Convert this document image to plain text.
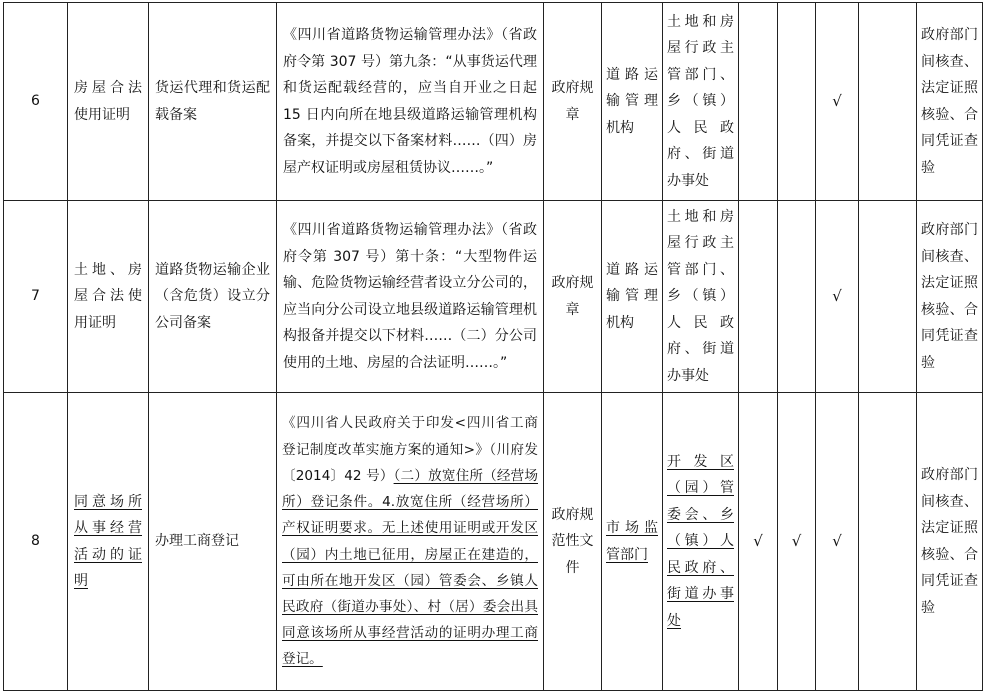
6	房屋合法使用证明	货运代理和货运配载备案	《四川省道路货物运输管理办法》（省政府令第 307 号）第九条：“从事货运代理和货运配载经营的，应当自开业之日起 15 日内向所在地县级道路运输管理机构备案，并提交以下备案材料……（四）房屋产权证明或房屋租赁协议……。”	政府规章	道路运输管理机构	土地和房屋行政主管部门、乡（镇）人民政府、街道办事处			√		政府部门间核查、法定证照核验、合同凭证查验
7	土地、房屋合法使用证明	道路货物运输企业（含危货）设立分公司备案	《四川省道路货物运输管理办法》（省政府令第 307 号）第十条：“大型物件运输、危险货物运输经营者设立分公司的，应当向分公司设立地县级道路运输管理机构报备并提交以下材料……（二）分公司使用的土地、房屋的合法证明……。”	政府规章	道路运输管理机构	土地和房屋行政主管部门、乡（镇）人民政府、街道办事处			√		政府部门间核查、法定证照核验、合同凭证查验
8	同意场所从事经营活动的证明	办理工商登记	《四川省人民政府关于印发<四川省工商登记制度改革实施方案的通知>》（川府发〔2014〕42 号）（二）放宽住所（经营场所）登记条件。4.放宽住所（经营场所）产权证明要求。无上述使用证明或开发区（园）内土地已征用，房屋正在建造的，可由所在地开发区（园）管委会、乡镇人民政府（街道办事处）、村（居）委会出具同意该场所从事经营活动的证明办理工商登记。	政府规范性文件	市场监管部门	开发区（园）管委会、乡（镇）人民政府、街道办事处	√	√	√		政府部门间核查、法定证照核验、合同凭证查验
